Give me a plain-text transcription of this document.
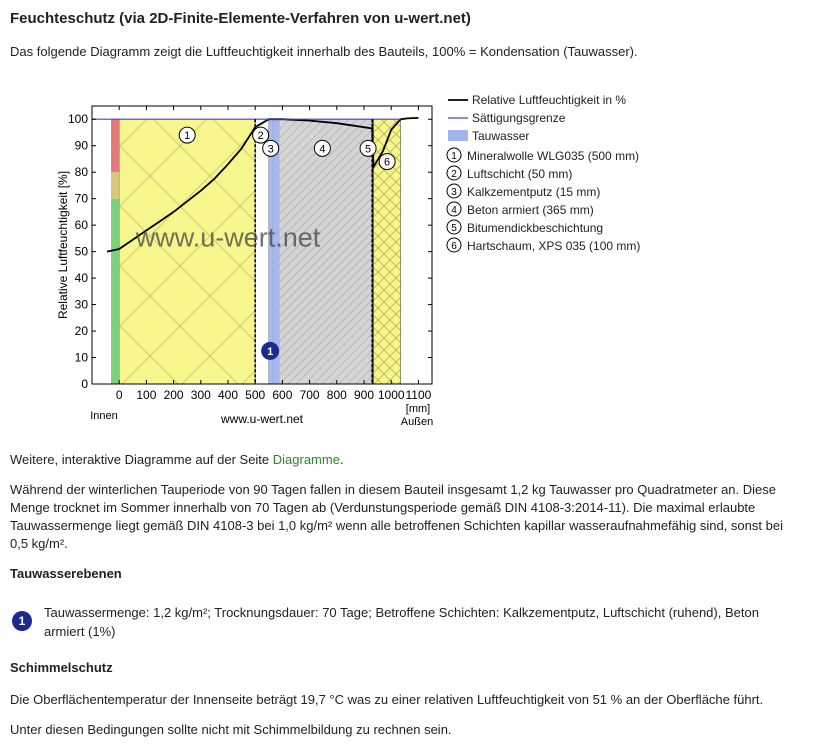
Feuchteschutz (via 2D-Finite-Elemente-Verfahren von u-wert.net)
Das folgende Diagramm zeigt die Luftfeuchtigkeit innerhalb des Bauteils, 100% = Kondensation (Tauwasser).
1	2
3	4	5
6
1
www.u-wert.net
0
10
20
30
40
50
60
70
80
90
100
0 100 200 300 400 500 600 700 800 900 1000 1100
Relative Luftfeuchtigkeit [%]
Innen	www.u-wert.net
[mm]
Außen
Relative Luftfeuchtigkeit in %
Sättigungsgrenze
Tauwasser
1 Mineralwolle WLG035 (500 mm)
2 Luftschicht (50 mm)
3 Kalkzementputz (15 mm)
4 Beton armiert (365 mm)
5 Bitumendickbeschichtung
6 Hartschaum, XPS 035 (100 mm)
Weitere, interaktive Diagramme auf der Seite Diagramme.
Während der winterlichen Tauperiode von 90 Tagen fallen in diesem Bauteil insgesamt 1,2 kg Tauwasser pro Quadratmeter an. Diese Menge trocknet im Sommer innerhalb von 70 Tagen ab (Verdunstungsperiode gemäß DIN 4108-3:2014-11). Die maximal erlaubte Tauwassermenge liegt gemäß DIN 4108-3 bei 1,0 kg/m² wenn alle betroffenen Schichten kapillar wasseraufnahmefähig sind, sonst bei 0,5 kg/m².
Tauwasserebenen
1
Tauwassermenge: 1,2 kg/m²; Trocknungsdauer: 70 Tage; Betroffene Schichten: Kalkzementputz, Luftschicht (ruhend), Beton armiert (1%)
Schimmelschutz
Die Oberflächentemperatur der Innenseite beträgt 19,7 °C was zu einer relativen Luftfeuchtigkeit von 51 % an der Oberfläche führt.
Unter diesen Bedingungen sollte nicht mit Schimmelbildung zu rechnen sein.
